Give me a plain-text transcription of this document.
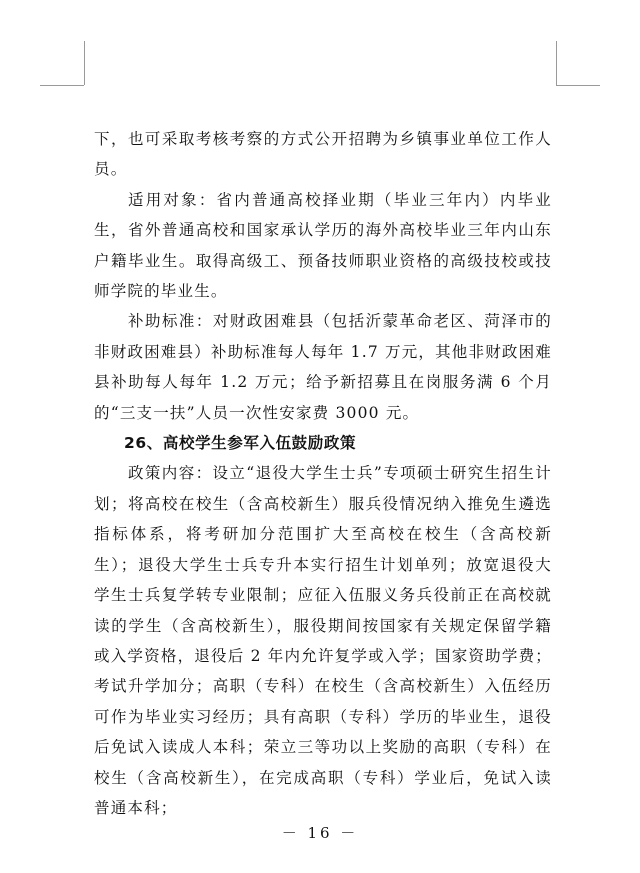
下，也可采取考核考察的方式公开招聘为乡镇事业单位工作人员。

适用对象：省内普通高校择业期（毕业三年内）内毕业生，省外普通高校和国家承认学历的海外高校毕业三年内山东户籍毕业生。取得高级工、预备技师职业资格的高级技校或技师学院的毕业生。

补助标准：对财政困难县（包括沂蒙革命老区、菏泽市的非财政困难县）补助标准每人每年 1.7 万元，其他非财政困难县补助每人每年 1.2 万元；给予新招募且在岗服务满 6 个月的“三支一扶”人员一次性安家费 3000 元。

26、高校学生参军入伍鼓励政策

政策内容：设立“退役大学生士兵”专项硕士研究生招生计划；将高校在校生（含高校新生）服兵役情况纳入推免生遴选指标体系，将考研加分范围扩大至高校在校生（含高校新生）；退役大学生士兵专升本实行招生计划单列；放宽退役大学生士兵复学转专业限制；应征入伍服义务兵役前正在高校就读的学生（含高校新生），服役期间按国家有关规定保留学籍或入学资格，退役后 2 年内允许复学或入学；国家资助学费；考试升学加分；高职（专科）在校生（含高校新生）入伍经历可作为毕业实习经历；具有高职（专科）学历的毕业生，退役后免试入读成人本科；荣立三等功以上奖励的高职（专科）在校生（含高校新生），在完成高职（专科）学业后，免试入读普通本科；

－ 16 －
